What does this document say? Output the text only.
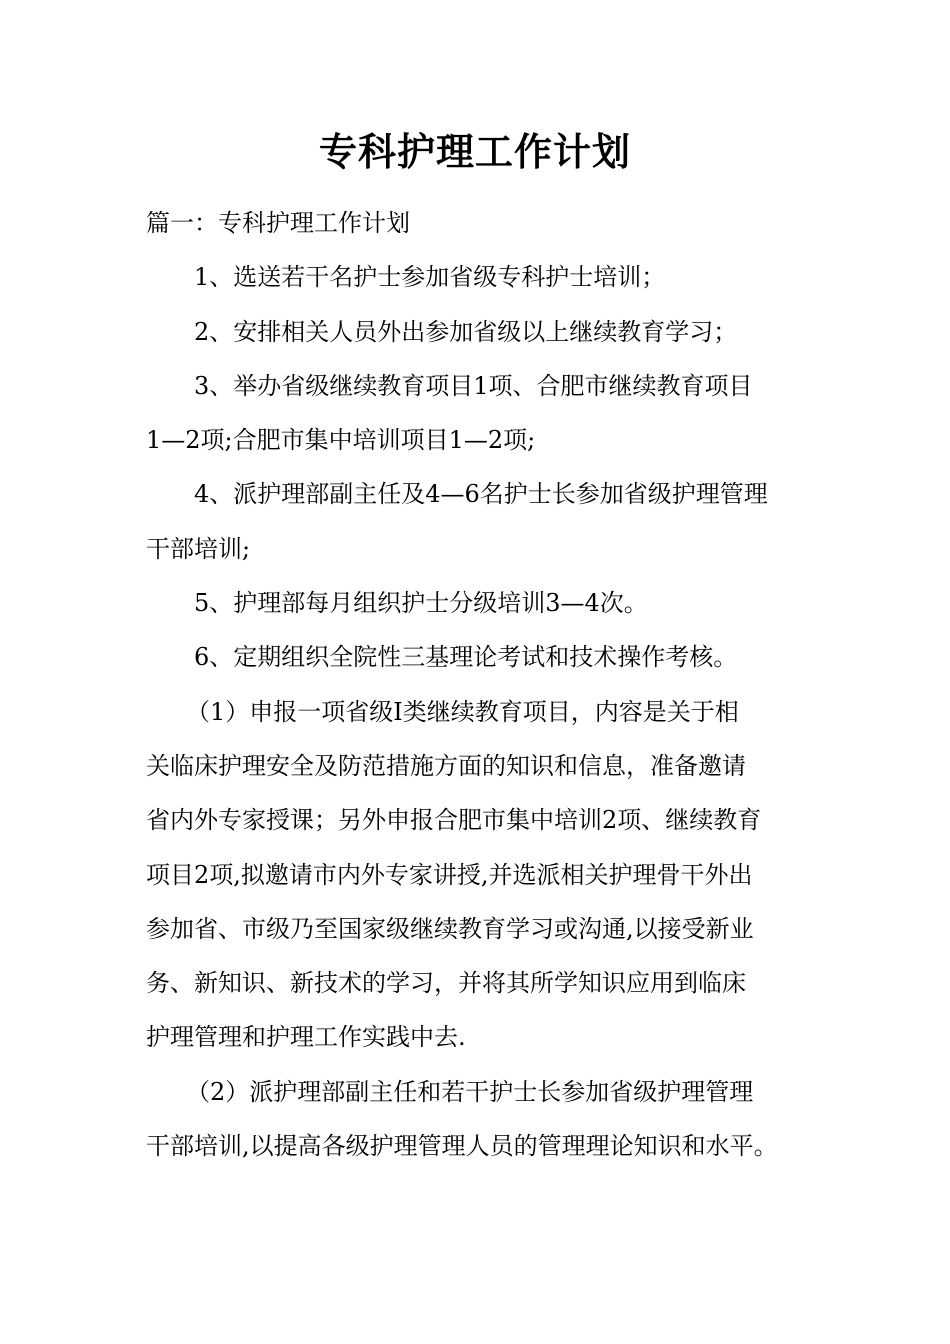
专科护理工作计划

篇一：专科护理工作计划

1、选送若干名护士参加省级专科护士培训；

2、安排相关人员外出参加省级以上继续教育学习；

3、举办省级继续教育项目1项、合肥市继续教育项目

1—2项;合肥市集中培训项目1—2项;

4、派护理部副主任及4—6名护士长参加省级护理管理

干部培训;

5、护理部每月组织护士分级培训3—4次。

6、定期组织全院性三基理论考试和技术操作考核。

（1）申报一项省级Ⅰ类继续教育项目，内容是关于相

关临床护理安全及防范措施方面的知识和信息，准备邀请

省内外专家授课；另外申报合肥市集中培训2项、继续教育

项目2项,拟邀请市内外专家讲授,并选派相关护理骨干外出

参加省、市级乃至国家级继续教育学习或沟通,以接受新业

务、新知识、新技术的学习，并将其所学知识应用到临床

护理管理和护理工作实践中去.

（2）派护理部副主任和若干护士长参加省级护理管理

干部培训,以提高各级护理管理人员的管理理论知识和水平。
